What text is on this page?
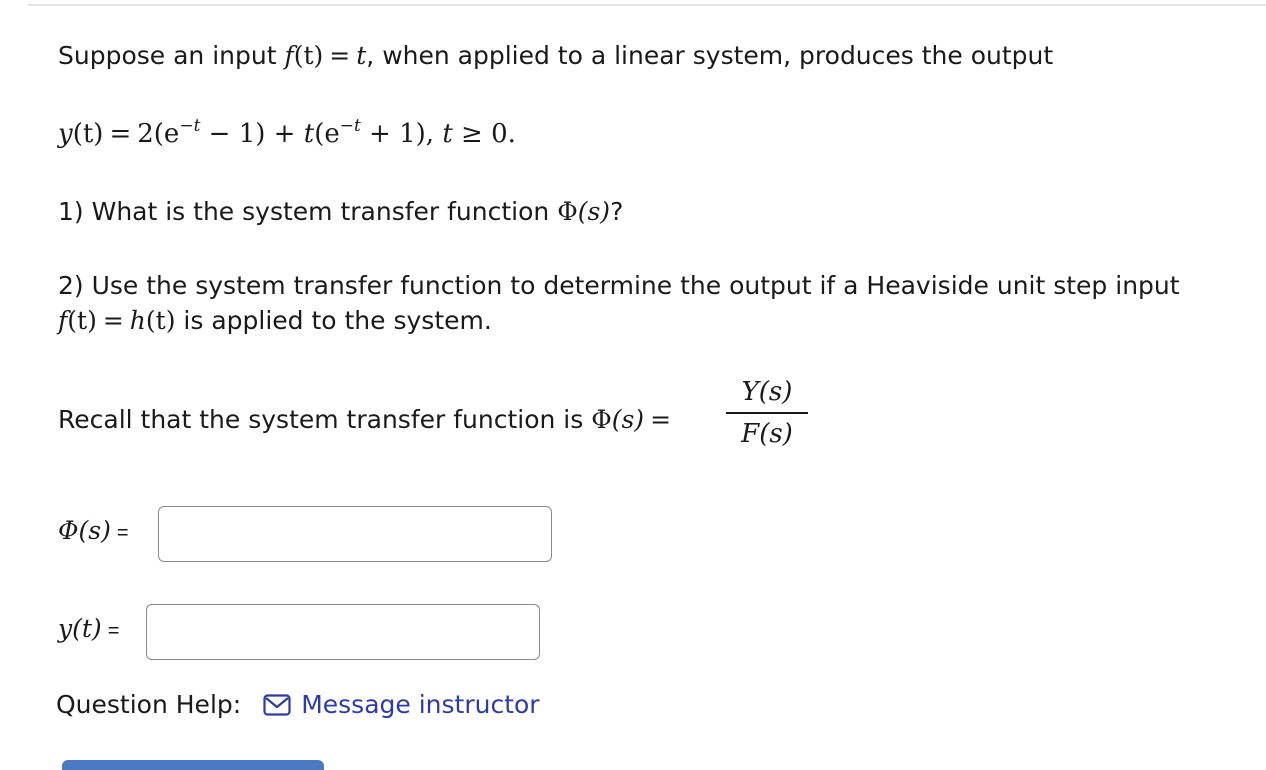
Suppose an input f(t) = t, when applied to a linear system, produces the output
$y(t) = 2(e^{-t} - 1) + t(e^{-t} + 1)$, t ≥ 0.
1) What is the system transfer function Φ(s)?
2) Use the system transfer function to determine the output if a Heaviside unit step input
f(t) = h(t) is applied to the system.
Recall that the system transfer function is Φ(s) =
Y(s)
F(s)
Φ(s) =
y(t) =
Question Help: Message instructor
